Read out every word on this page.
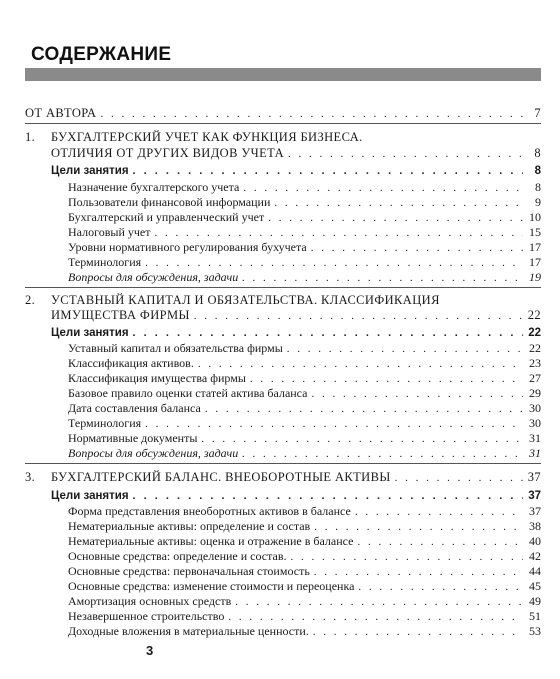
СОДЕРЖАНИЕ
ОТ АВТОРА . . .	7
1.	БУХГАЛТЕРСКИЙ УЧЕТ КАК ФУНКЦИЯ БИЗНЕСА.
ОТЛИЧИЯ ОТ ДРУГИХ ВИДОВ УЧЕТА . . .	8
Цели занятия . . .	8
Назначение бухгалтерского учета . . .	8
Пользователи финансовой информации . . .	9
Бухгалтерский и управленческий учет . . .	10
Налоговый учет . . .	15
Уровни нормативного регулирования бухучета . . .	17
Терминология . . .	17
Вопросы для обсуждения, задачи . . .	19
2.	УСТАВНЫЙ КАПИТАЛ И ОБЯЗАТЕЛЬСТВА. КЛАССИФИКАЦИЯ
ИМУЩЕСТВА ФИРМЫ . . .	22
Цели занятия . . .	22
Уставный капитал и обязательства фирмы . . .	22
Классификация активов. . . .	23
Классификация имущества фирмы . . .	27
Базовое правило оценки статей актива баланса . . .	29
Дата составления баланса . . .	30
Терминология . . .	30
Нормативные документы . . .	31
Вопросы для обсуждения, задачи . . .	31
3.	БУХГАЛТЕРСКИЙ БАЛАНС. ВНЕОБОРОТНЫЕ АКТИВЫ . . .	37
Цели занятия . . .	37
Форма представления внеоборотных активов в балансе . . .	37
Нематериальные активы: определение и состав . . .	38
Нематериальные активы: оценка и отражение в балансе . . .	40
Основные средства: определение и состав. . . .	42
Основные средства: первоначальная стоимость . . .	44
Основные средства: изменение стоимости и переоценка . . .	45
Амортизация основных средств . . .	49
Незавершенное строительство . . .	51
Доходные вложения в материальные ценности. . . .	53
3
